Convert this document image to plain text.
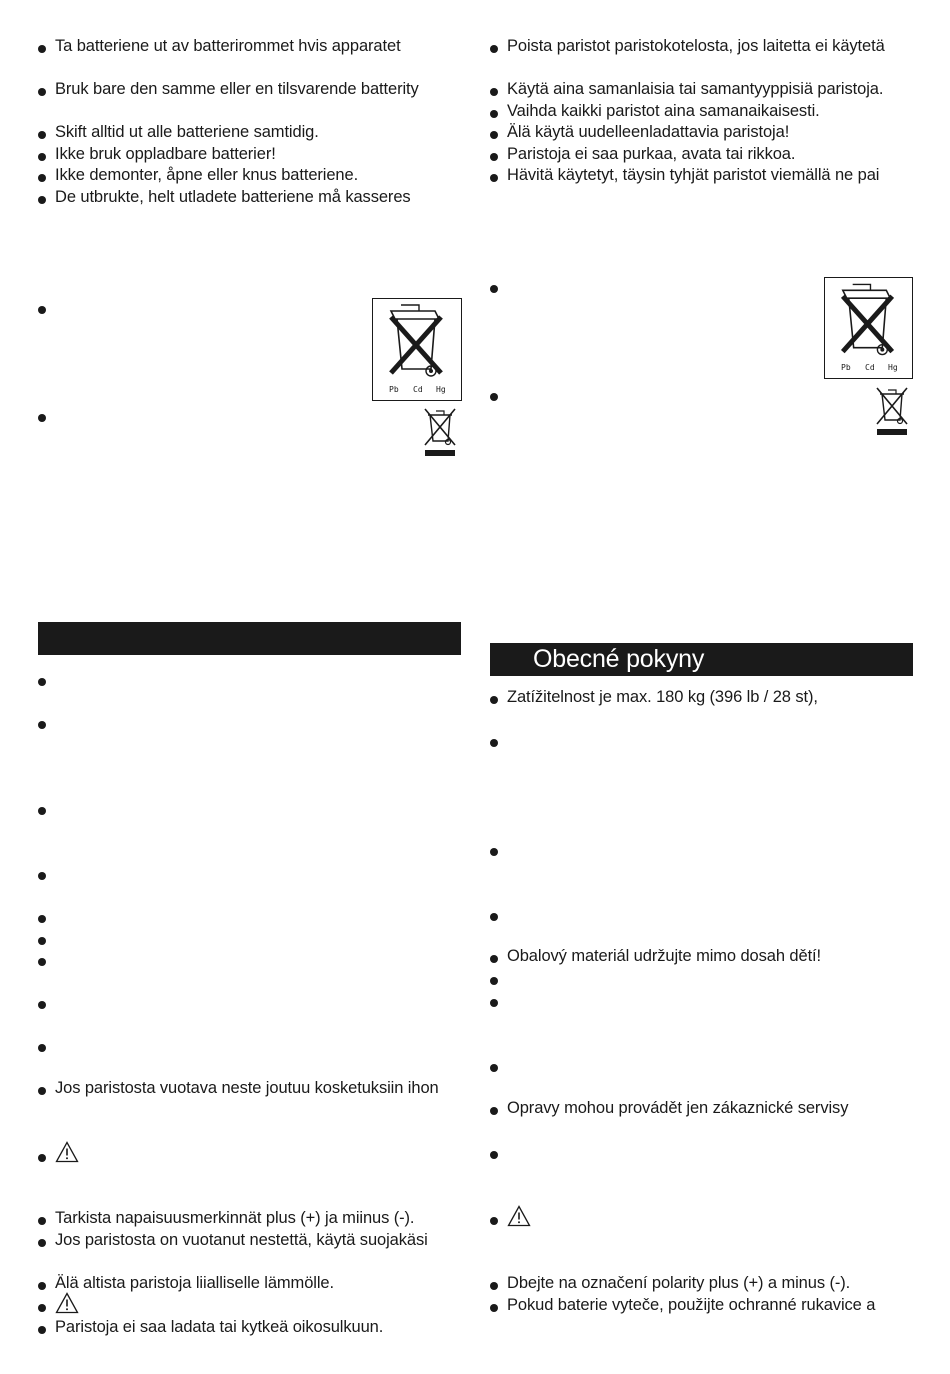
Ta batteriene ut av batterirommet hvis apparatet
Bruk bare den samme eller en tilsvarende batterity
Skift alltid ut alle batteriene samtidig.
Ikke bruk oppladbare batterier!
Ikke demonter, åpne eller knus batteriene.
De utbrukte, helt utladete batteriene må kasseres
Pb Cd Hg
Jos paristosta vuotava neste joutuu kosketuksiin ihon
Tarkista napaisuusmerkinnät plus (+) ja miinus (-).
Jos paristosta on vuotanut nestettä, käytä suojakäsi
Älä altista paristoja liialliselle lämmölle.
Paristoja ei saa ladata tai kytkeä oikosulkuun.
Poista paristot paristokotelosta, jos laitetta ei käytetä
Käytä aina samanlaisia tai samantyyppisiä paristoja.
Vaihda kaikki paristot aina samanaikaisesti.
Älä käytä uudelleenladattavia paristoja!
Paristoja ei saa purkaa, avata tai rikkoa.
Hävitä käytetyt, täysin tyhjät paristot viemällä ne pai
Pb Cd Hg
Obecné pokyny
Zatížitelnost je max. 180 kg (396 lb / 28 st),
Obalový materiál udržujte mimo dosah dětí!
Opravy mohou provádět jen zákaznické servisy
Dbejte na označení polarity plus (+) a minus (-).
Pokud baterie vyteče, použijte ochranné rukavice a
